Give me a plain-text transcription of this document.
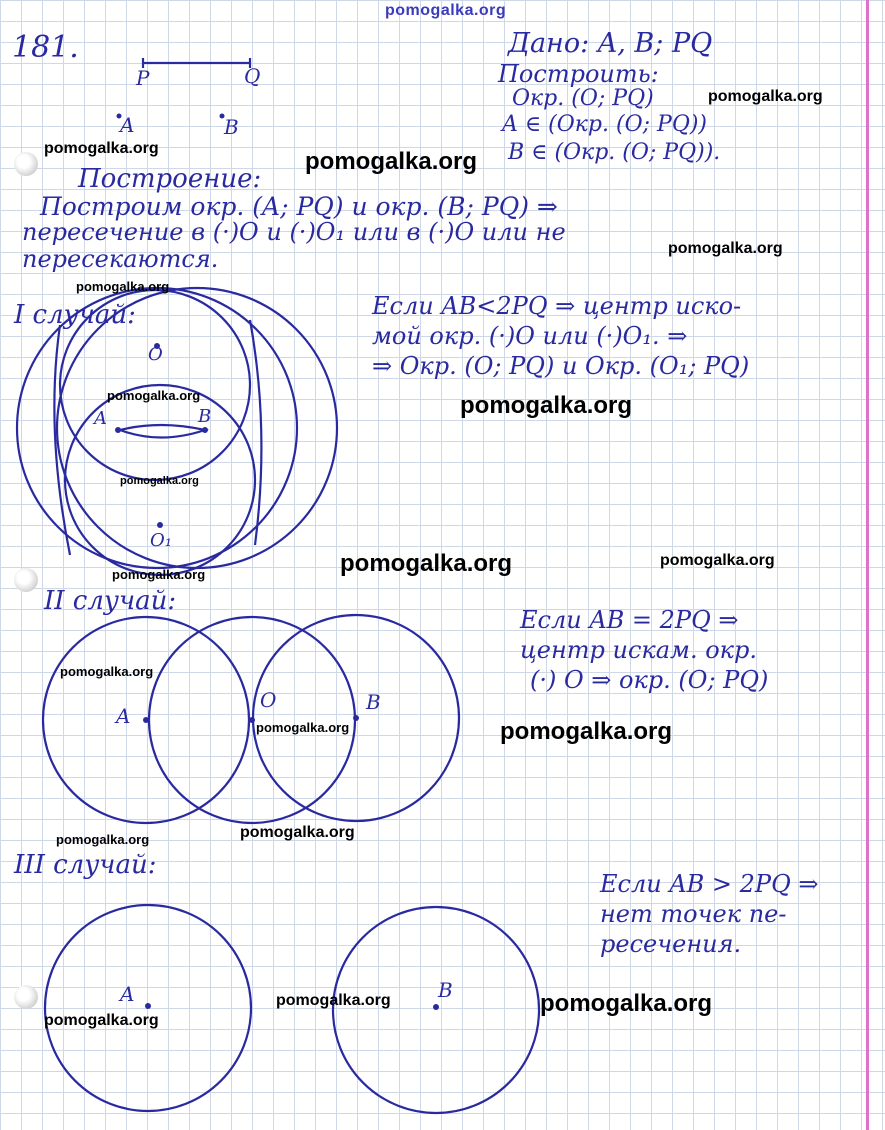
pomogalka.org
181.
P	Q
A	B
Дано: A, B; PQ
Построить:
Окр. (O; PQ)
A ∈ (Окр. (O; PQ))
B ∈ (Окр. (O; PQ)).
Построение:
Построим окр. (A; PQ) и окр. (B; PQ) ⇒
пересечение в (·)O и (·)O₁ или в (·)O или не
пересекаются.
I случай:	Если AB<2PQ ⇒ центр иско-
мой окр. (·)O или (·)O₁. ⇒
⇒ Окр. (O; PQ) и Окр. (O₁; PQ)
O
O₁
A	B
II случай:
Если AB = 2PQ ⇒
центр искам. окр.
(·) O ⇒ окр. (O; PQ)
A
O	B
III случай:
Если AB > 2PQ ⇒
нет точек пе-
ресечения.
A	B
pomogalka.org
pomogalka.org	pomogalka.org
pomogalka.org
pomogalka.org
pomogalka.org
pomogalka.org
pomogalka.org
pomogalka.org	pomogalka.org	pomogalka.org
pomogalka.org
pomogalka.org	pomogalka.org
pomogalka.org	pomogalka.org
pomogalka.org	pomogalka.org
pomogalka.org
